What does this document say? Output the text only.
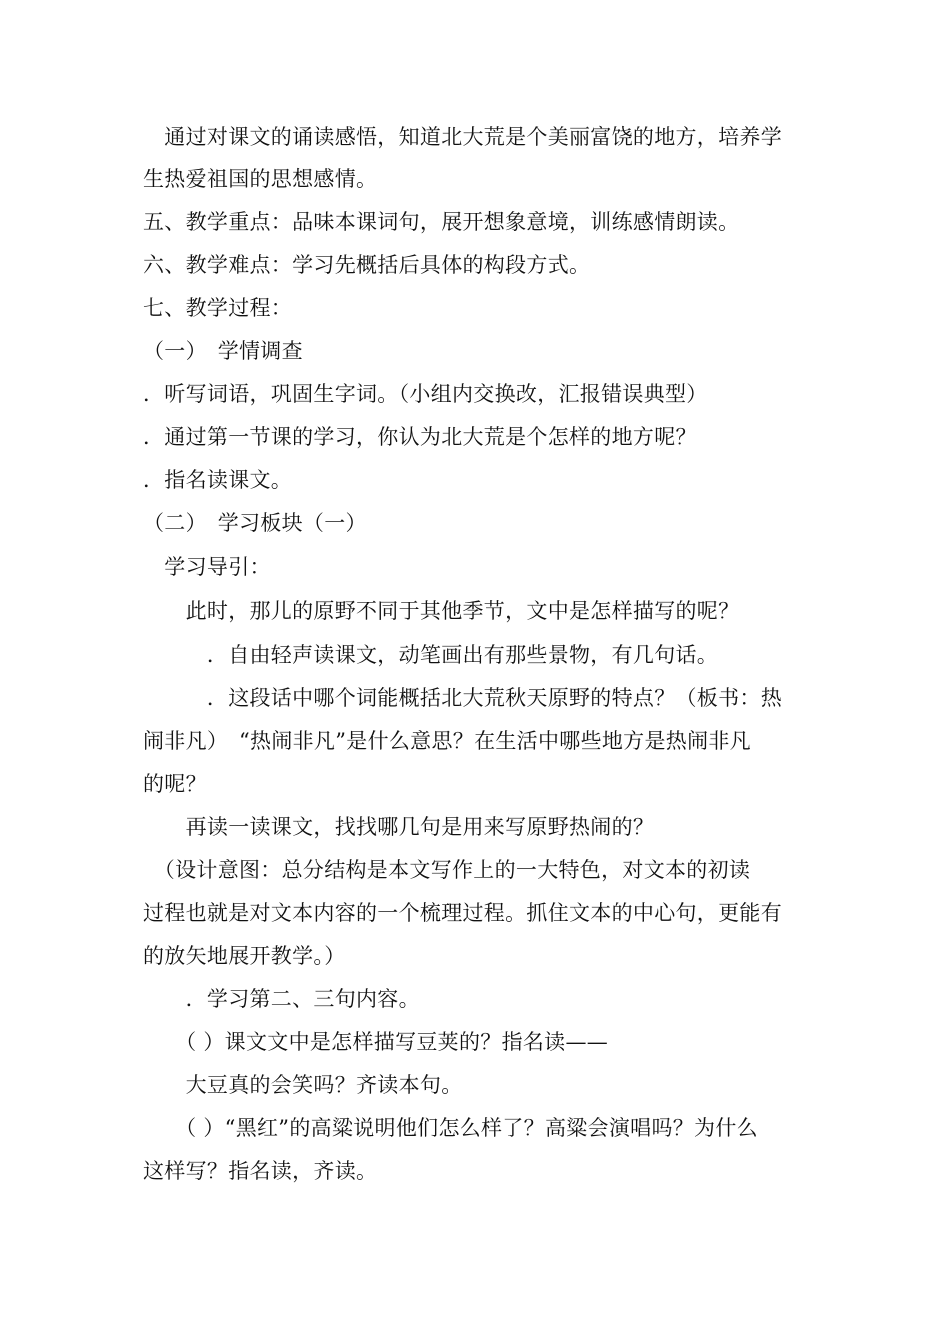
　通过对课文的诵读感悟，知道北大荒是个美丽富饶的地方，培养学
生热爱祖国的思想感情。
五、教学重点：品味本课词句，展开想象意境，训练感情朗读。
六、教学难点：学习先概括后具体的构段方式。
七、教学过程：
（一）　学情调查
．听写词语，巩固生字词。（小组内交换改，汇报错误典型）
．通过第一节课的学习，你认为北大荒是个怎样的地方呢？
．指名读课文。
（二）　学习板块（一）
　学习导引：
　　此时，那儿的原野不同于其他季节，文中是怎样描写的呢？
　　　．自由轻声读课文，动笔画出有那些景物，有几句话。
　　　．这段话中哪个词能概括北大荒秋天原野的特点？（板书：热
闹非凡）　“热闹非凡”是什么意思？在生活中哪些地方是热闹非凡
的呢？
　　再读一读课文，找找哪几句是用来写原野热闹的？
　（设计意图：总分结构是本文写作上的一大特色，对文本的初读
过程也就是对文本内容的一个梳理过程。抓住文本的中心句，更能有
的放矢地展开教学。）
　　．学习第二、三句内容。
　　（ ）课文文中是怎样描写豆荚的？指名读——
　　大豆真的会笑吗？齐读本句。
　　（ ）“黑红”的高粱说明他们怎么样了？高粱会演唱吗？为什么
这样写？指名读，齐读。
